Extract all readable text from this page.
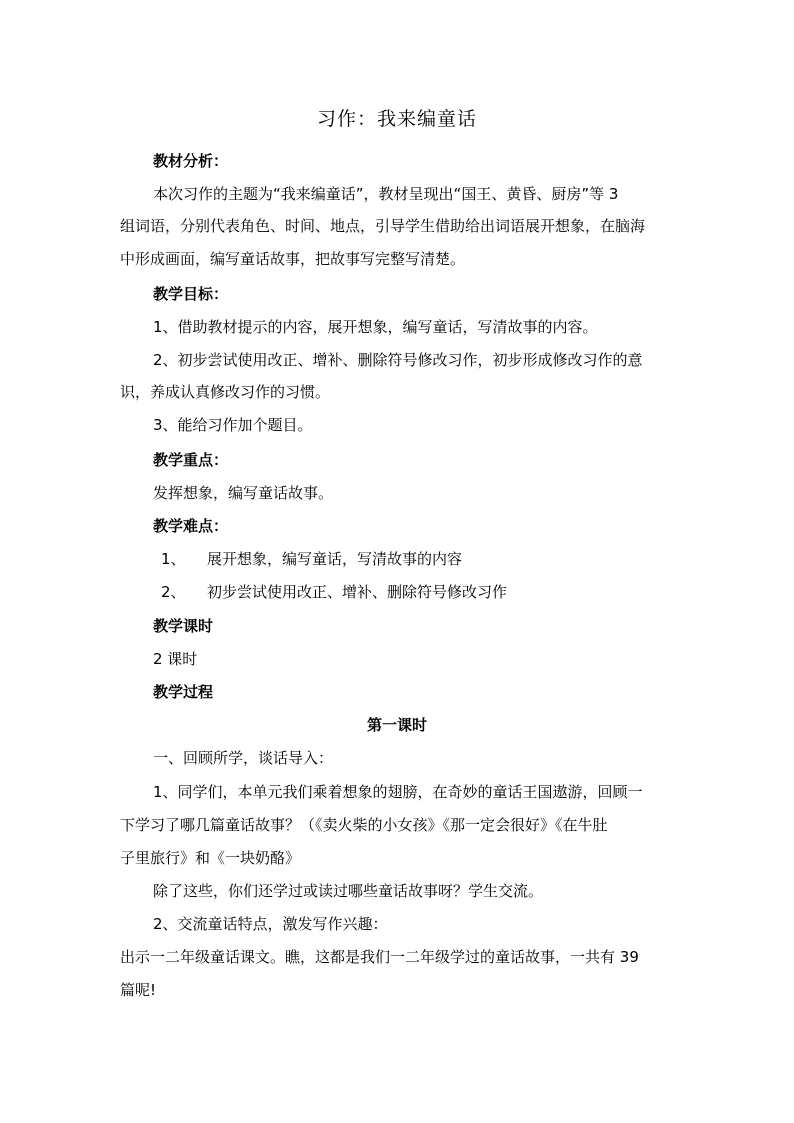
习作：我来编童话
教材分析：
本次习作的主题为“我来编童话”，教材呈现出“国王、黄昏、厨房”等 3
组词语，分别代表角色、时间、地点，引导学生借助给出词语展开想象，在脑海
中形成画面，编写童话故事，把故事写完整写清楚。
教学目标：
1、借助教材提示的内容，展开想象，编写童话，写清故事的内容。
2、初步尝试使用改正、增补、删除符号修改习作，初步形成修改习作的意
识，养成认真修改习作的习惯。
3、能给习作加个题目。
教学重点：
发挥想象，编写童话故事。
教学难点：
1、 展开想象，编写童话，写清故事的内容
2、 初步尝试使用改正、增补、删除符号修改习作
教学课时
2 课时
教学过程
第一课时
一、回顾所学，谈话导入：
1、同学们，本单元我们乘着想象的翅膀，在奇妙的童话王国遨游，回顾一
下学习了哪几篇童话故事？（《卖火柴的小女孩》《那一定会很好》《在牛肚
子里旅行》和《一块奶酪》
除了这些，你们还学过或读过哪些童话故事呀？学生交流。
2、交流童话特点，激发写作兴趣：
出示一二年级童话课文。瞧，这都是我们一二年级学过的童话故事，一共有 39
篇呢!
